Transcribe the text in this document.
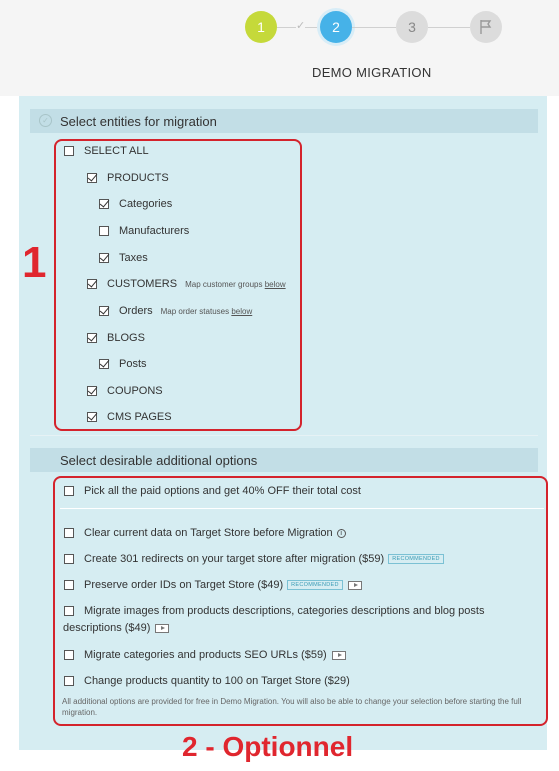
1	✓ 2	3
DEMO MIGRATION
✓ Select entities for migration
SELECT ALL
PRODUCTS
Categories
Manufacturers
Taxes
CUSTOMERS Map customer groups below
Orders Map order statuses below
BLOGS
Posts
COUPONS
CMS PAGES
1
Select desirable additional options
Pick all the paid options and get 40% OFF their total cost
Clear current data on Target Store before Migration	i
Create 301 redirects on your target store after migration ($59)	RECOMMENDED
Preserve order IDs on Target Store ($49)	RECOMMENDED
Migrate images from products descriptions, categories descriptions and blog posts
descriptions ($49)
Migrate categories and products SEO URLs ($59)
Change products quantity to 100 on Target Store ($29)
All additional options are provided for free in Demo Migration. You will also be able to change your selection before starting the full migration.
2 - Optionnel
